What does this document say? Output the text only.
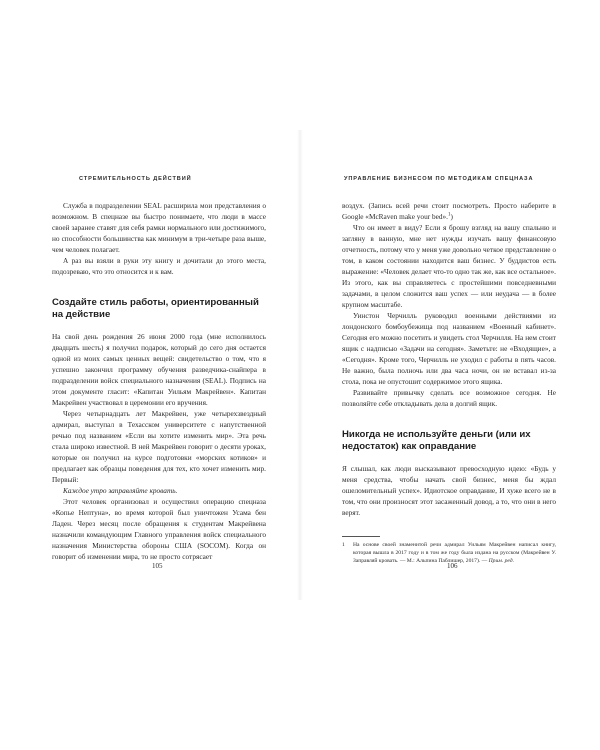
СТРЕМИТЕЛЬНОСТЬ ДЕЙСТВИЙ

Служба в подразделении SEAL расширила мои представления о возможном. В спецназе вы быстро понимаете, что люди в массе своей заранее ставят для себя рамки нормального или достижимого, но способности большинства как минимум в три-четыре раза выше, чем человек полагает.

А раз вы взяли в руки эту книгу и дочитали до этого места, подозреваю, что это относится и к вам.

Создайте стиль работы, ориентированный на действие

На свой день рождения 26 июня 2000 года (мне исполнилось двадцать шесть) я получил подарок, который до сего дня остается одной из моих самых ценных вещей: свидетельство о том, что я успешно закончил программу обучения разведчика-снайпера в подразделении войск специального назначения (SEAL). Подпись на этом документе гласит: «Капитан Уильям Макрейвен». Капитан Макрейвен участвовал в церемонии его вручения.

Через четырнадцать лет Макрейвен, уже четырехзвездный адмирал, выступал в Техасском университете с напутственной речью под названием «Если вы хотите изменить мир». Эта речь стала широко известной. В ней Макрейвен говорит о десяти уроках, которые он получил на курсе подготовки «морских котиков» и предлагает как образцы поведения для тех, кто хочет изменить мир. Первый:

Каждое утро заправляйте кровать.

Этот человек организовал и осуществил операцию спецназа «Копье Нептуна», во время которой был уничтожен Усама бен Ладен. Через месяц после обращения к студентам Макрейвена назначили командующим Главного управления войск специального назначения Министерства обороны США (SOCOM). Когда он говорит об изменении мира, то не просто сотрясает

105
УПРАВЛЕНИЕ БИЗНЕСОМ ПО МЕТОДИКАМ СПЕЦНАЗА

воздух. (Запись всей речи стоит посмотреть. Просто наберите в Google «McRaven make your bed».$^1$)

Что он имеет в виду? Если я брошу взгляд на вашу спальню и загляну в ванную, мне нет нужды изучать вашу финансовую отчетность, потому что у меня уже довольно четкое представление о том, в каком состоянии находится ваш бизнес. У буддистов есть выражение: «Человек делает что-то одно так же, как все остальное». Из этого, как вы справляетесь с простейшими повседневными задачами, в целом сложится ваш успех — или неудача — в более крупном масштабе.

Уинстон Черчилль руководил военными действиями из лондонского бомбоубежища под названием «Военный кабинет». Сегодня его можно посетить и увидеть стол Черчилля. На нем стоит ящик с надписью «Задачи на сегодня». Заметьте: не «Входящие», а «Сегодня». Кроме того, Черчилль не уходил с работы в пять часов. Не важно, была полночь или два часа ночи, он не вставал из-за стола, пока не опустошит содержимое этого ящика.

Развивайте привычку сделать все возможное сегодня. Не позволяйте себе откладывать дела в долгий ящик.

Никогда не используйте деньги (или их недостаток) как оправдание

Я слышал, как люди высказывают превосходную идею: «Будь у меня средства, чтобы начать свой бизнес, меня бы ждал ошеломительный успех». Идиотское оправдание, И хуже всего не в том, что они произносят этот засаженный довод, а то, что они в него верят.

1 На основе своей знаменитой речи адмирал Уильям Макрейвен написал книгу, которая вышла в 2017 году и в том же году была издана на русском (Макрейвен У. Заправляй кровать. — М.: Альпина Паблишер, 2017). — Прим. ред.
106
